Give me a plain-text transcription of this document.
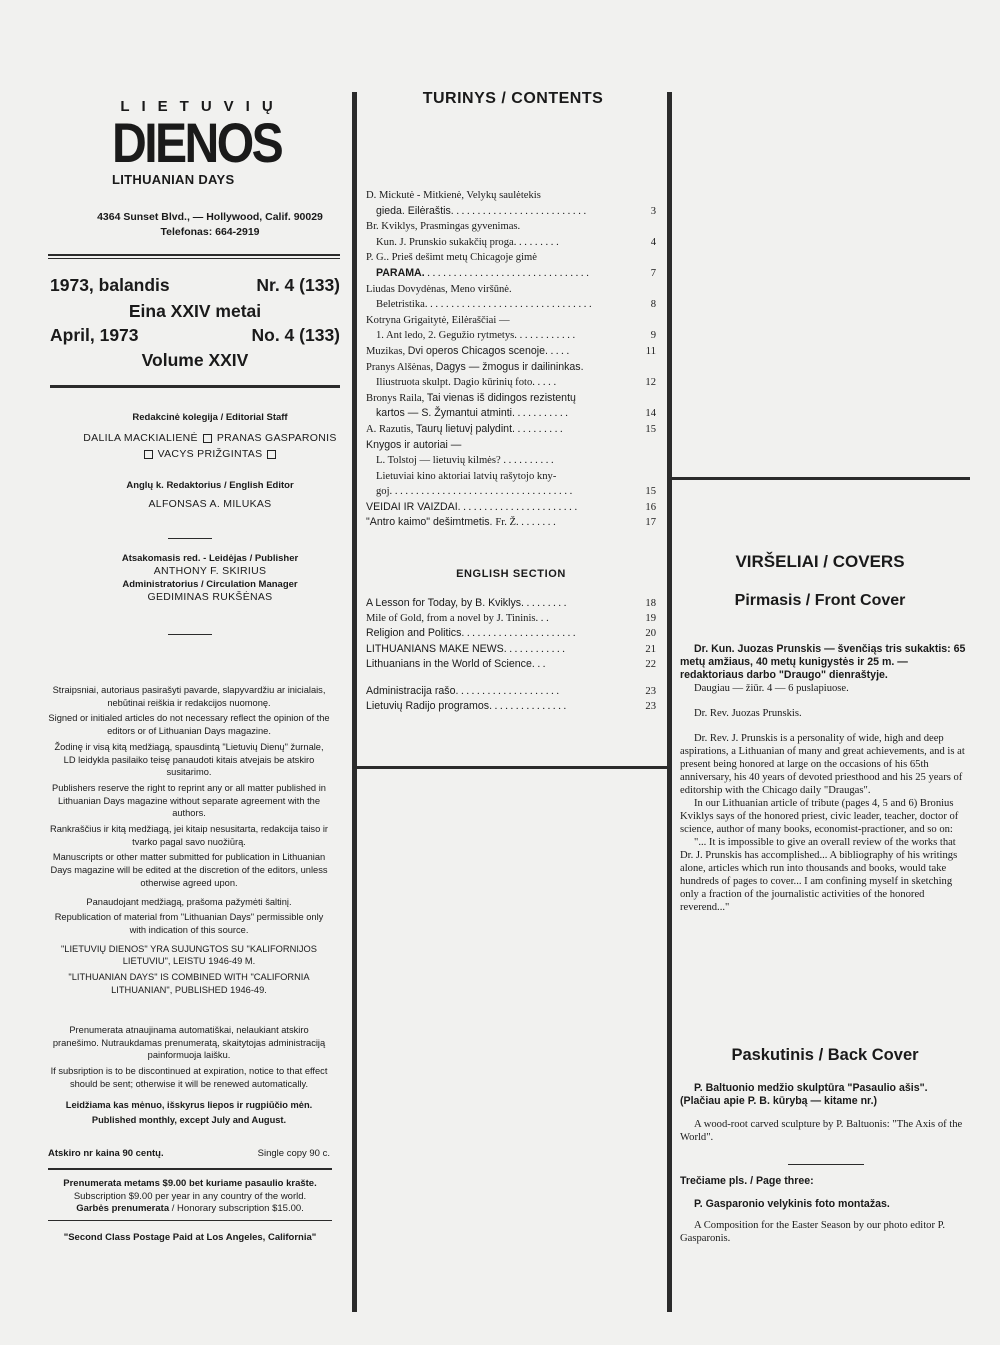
LIETUVIŲ
DIENOS
LITHUANIAN DAYS
4364 Sunset Blvd., — Hollywood, Calif. 90029
Telefonas: 664-2919
1973, balandis	Nr. 4 (133)
Eina XXIV metai
April, 1973	No. 4 (133)
Volume XXIV
Redakcinė kolegija / Editorial Staff
DALILA MACKIALIENĖ PRANAS GASPARONIS
VACYS PRIŽGINTAS
Anglų k. Redaktorius / English Editor
ALFONSAS A. MILUKAS
Atsakomasis red. - Leidėjas / Publisher
ANTHONY F. SKIRIUS
Administratorius / Circulation Manager
GEDIMINAS RUKŠĖNAS

Straipsniai, autoriaus pasirašyti pavarde, slapyvardžiu ar inicialais, nebūtinai reiškia ir redakcijos nuomonę.

Signed or initialed articles do not necessary reflect the opinion of the editors or of Lithuanian Days magazine.

Žodinę ir visą kitą medžiagą, spausdintą "Lietuvių Dienų" žurnale, LD leidykla pasilaiko teisę panaudoti kitais atvejais be atskiro susitarimo.

Publishers reserve the right to reprint any or all matter published in Lithuanian Days magazine without separate agreement with the authors.

Rankraščius ir kitą medžiagą, jei kitaip nesusitarta, redakcija taiso ir tvarko pagal savo nuožiūrą.

Manuscripts or other matter submitted for publication in Lithuanian Days magazine will be edited at the discretion of the editors, unless otherwise agreed upon.

Panaudojant medžiagą, prašoma pažymėti šaltinį.

Republication of material from "Lithuanian Days" permissible only with indication of this source.

"LIETUVIŲ DIENOS" YRA SUJUNGTOS SU "KALIFORNIJOS LIETUVIU", LEISTU 1946-49 M.

"LITHUANIAN DAYS" IS COMBINED WITH "CALIFORNIA LITHUANIAN", PUBLISHED 1946-49.

Prenumerata atnaujinama automatiškai, nelaukiant atskiro pranešimo. Nutraukdamas prenumeratą, skaitytojas administraciją painformuoja laišku.

If subsription is to be discontinued at expiration, notice to that effect should be sent; otherwise it will be renewed automatically.

Leidžiama kas mėnuo, išskyrus liepos ir rugpiūčio mėn.

Published monthly, except July and August.

Atskiro nr kaina 90 centų.	Single copy 90 c.
Prenumerata metams $9.00 bet kuriame pasaulio krašte.
Subscription $9.00 per year in any country of the world.
Garbės prenumerata / Honorary subscription $15.00.
"Second Class Postage Paid at Los Angeles, California"
TURINYS / CONTENTS
D. Mickutė - Mitkienė, Velykų saulėtekis
gieda. Eilėraštis. . . . . . . . . . . . . . . . . . . . . . . . . .	3
Br. Kviklys, Prasmingas gyvenimas.
Kun. J. Prunskio sukakčių proga. . . . . . . . .	4
P. G.. Prieš dešimt metų Chicagoje gimė
PARAMA. . . . . . . . . . . . . . . . . . . . . . . . . . . . . . . .	7
Liudas Dovydėnas, Meno viršūnė.
Beletristika. . . . . . . . . . . . . . . . . . . . . . . . . . . . . . . .	8
Kotryna Grigaitytė, Eilėraščiai —
1. Ant ledo, 2. Gegužio rytmetys. . . . . . . . . . . .	9
Muzikas, Dvi operos Chicagos scenoje. . . . .	11
Pranys Alšėnas, Dagys — žmogus ir dailininkas.
Iliustruota skulpt. Dagio kūrinių foto. . . . .	12
Bronys Raila, Tai vienas iš didingos rezistentų
kartos — S. Žymantui atminti. . . . . . . . . . .	14
A. Razutis, Taurų lietuvį palydint. . . . . . . . . .	15
Knygos ir autoriai —
L. Tolstoj — lietuvių kilmės? . . . . . . . . . .
Lietuviai kino aktoriai latvių rašytojo kny-
goj. . . . . . . . . . . . . . . . . . . . . . . . . . . . . . . . . . .	15
VEIDAI IR VAIZDAI. . . . . . . . . . . . . . . . . . . . . . .	16
"Antro kaimo" dešimtmetis. Fr. Ž. . . . . . . .	17
ENGLISH SECTION
A Lesson for Today, by B. Kviklys. . . . . . . . .	18
Mile of Gold, from a novel by J. Tininis. . .	19
Religion and Politics. . . . . . . . . . . . . . . . . . . . . .	20
LITHUANIANS MAKE NEWS. . . . . . . . . . . .	21
Lithuanians in the World of Science. . .	22
Administracija rašo. . . . . . . . . . . . . . . . . . . .	23
Lietuvių Radijo programos. . . . . . . . . . . . . . .	23
VIRŠELIAI / COVERS
Pirmasis / Front Cover

Dr. Kun. Juozas Prunskis — švenčiąs tris sukaktis: 65 metų amžiaus, 40 metų kunigystės ir 25 m. — redaktoriaus darbo "Draugo" dienraštyje.

Daugiau — žiūr. 4 — 6 puslapiuose.

Dr. Rev. Juozas Prunskis.

Dr. Rev. J. Prunskis is a personality of wide, high and deep aspirations, a Lithuanian of many and great achievements, and is at present being honored at large on the occasions of his 65th anniversary, his 40 years of devoted priesthood and his 25 years of editorship with the Chicago daily "Draugas".

In our Lithuanian article of tribute (pages 4, 5 and 6) Bronius Kviklys says of the honored priest, civic leader, teacher, doctor of science, author of many books, economist-practioner, and so on:

"... It is impossible to give an overall review of the works that Dr. J. Prunskis has accomplished... A bibliography of his writings alone, articles which run into thousands and books, would take hundreds of pages to cover... I am confining myself in sketching only a fraction of the journalistic activities of the honored reverend..."

Paskutinis / Back Cover

P. Baltuonio medžio skulptūra "Pasaulio ašis". (Plačiau apie P. B. kūrybą — kitame nr.)

A wood-root carved sculpture by P. Baltuonis: "The Axis of the World".

Trečiame pls. / Page three:

P. Gasparonio velykinis foto montažas.

A Composition for the Easter Season by our photo editor P. Gasparonis.
